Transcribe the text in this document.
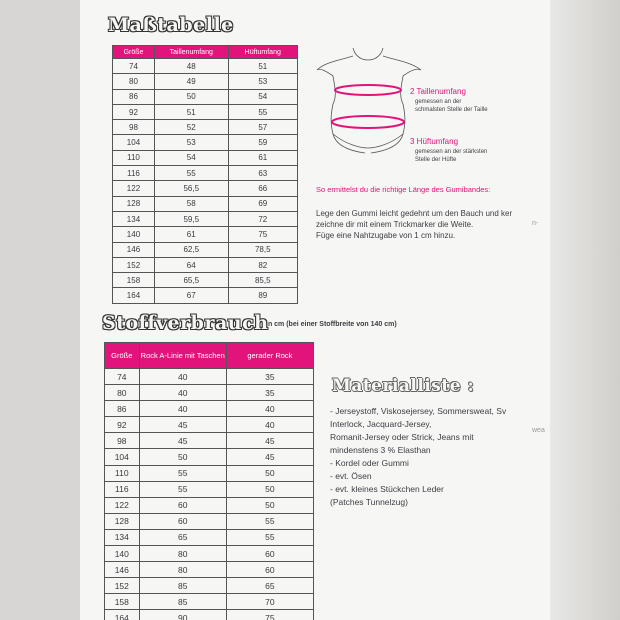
Maßtabelle
Größe	Taillenumfang	Hüftumfang
74	48	51
80	49	53
86	50	54
92	51	55
98	52	57
104	53	59
110	54	61
116	55	63
122	56,5	66
128	58	69
134	59,5	72
140	61	75
146	62,5	78,5
152	64	82
158	65,5	85,5
164	67	89
2 Taillenumfang
gemessen an der
schmalsten Stelle der Taille
3 Hüftumfang
gemessen an der stärksten
Stelle der Hüfte
So ermittelst du die richtige Länge des Gumibandes:
Lege den Gummi leicht gedehnt um den Bauch und ker
zeichne dir mit einem Trickmarker die Weite.
Füge eine Nahtzugabe von 1 cm hinzu.
n-
Stoffverbrauch
in cm (bei einer Stoffbreite von 140 cm)
Größe	Rock A-Linie mit Taschen	gerader Rock
74	40	35
80	40	35
86	40	40
92	45	40
98	45	45
104	50	45
110	55	50
116	55	50
122	60	50
128	60	55
134	65	55
140	80	60
146	80	60
152	85	65
158	85	70
164	90	75
Materialliste :
- Jerseystoff, Viskosejersey, Sommersweat, Sv
Interlock, Jacquard-Jersey,
Romanit-Jersey oder Strick, Jeans mit
mindenstens 3 % Elasthan
- Kordel oder Gummi
- evt. Ösen
- evt. kleines Stückchen Leder
(Patches Tunnelzug)
wea
